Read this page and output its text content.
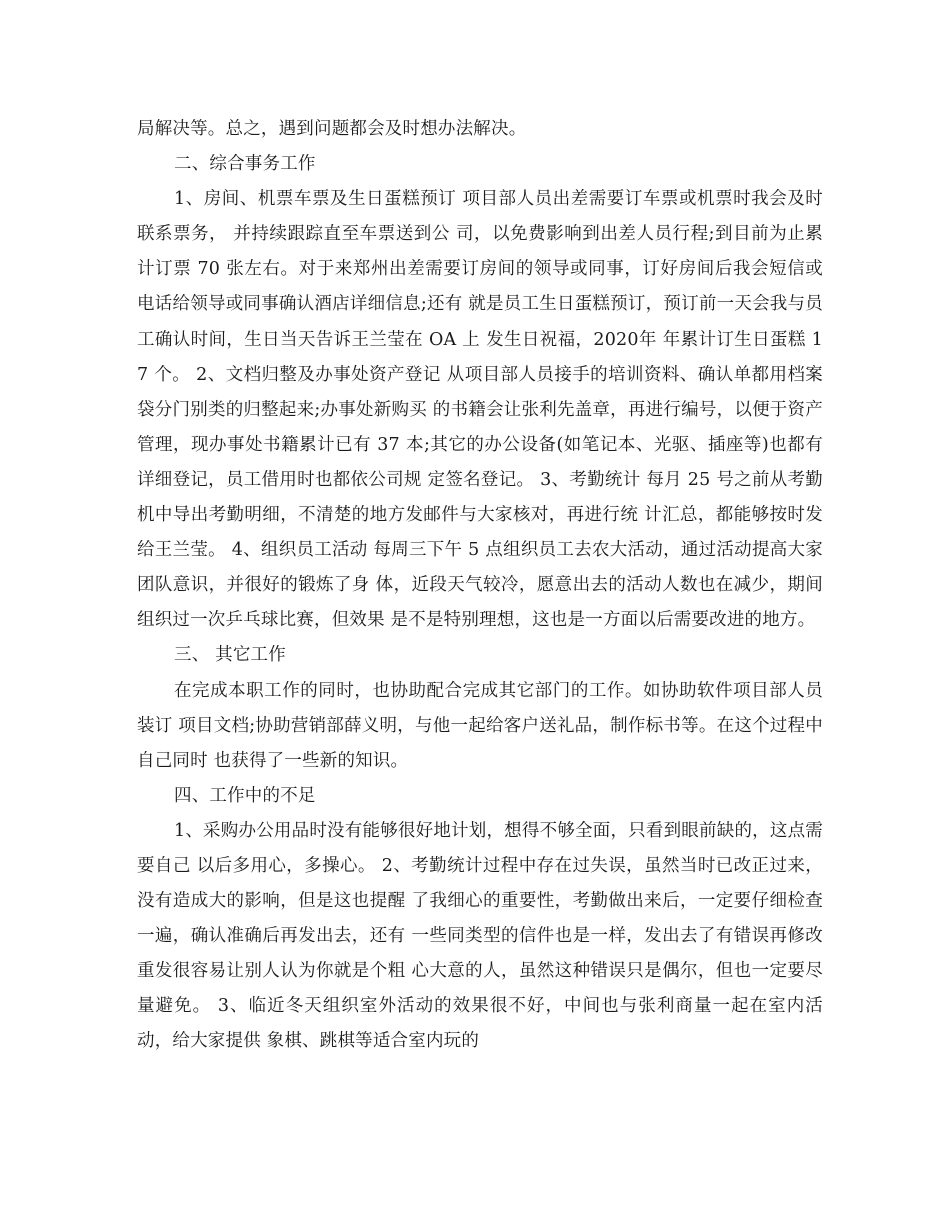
局解决等。总之，遇到问题都会及时想办法解决。

二、综合事务工作

1、房间、机票车票及生日蛋糕预订 项目部人员出差需要订车票或机票时我会及时联系票务， 并持续跟踪直至车票送到公 司，以免费影响到出差人员行程;到目前为止累计订票 70 张左右。对于来郑州出差需要订房间的领导或同事，订好房间后我会短信或电话给领导或同事确认酒店详细信息;还有 就是员工生日蛋糕预订，预订前一天会我与员工确认时间，生日当天告诉王兰莹在 OA 上 发生日祝福，2020年 年累计订生日蛋糕 17 个。 2、文档归整及办事处资产登记 从项目部人员接手的培训资料、确认单都用档案袋分门别类的归整起来;办事处新购买 的书籍会让张利先盖章，再进行编号，以便于资产管理，现办事处书籍累计已有 37 本;其它的办公设备(如笔记本、光驱、插座等)也都有详细登记，员工借用时也都依公司规 定签名登记。 3、考勤统计 每月 25 号之前从考勤机中导出考勤明细，不清楚的地方发邮件与大家核对，再进行统 计汇总，都能够按时发给王兰莹。 4、组织员工活动 每周三下午 5 点组织员工去农大活动，通过活动提高大家团队意识，并很好的锻炼了身 体，近段天气较冷，愿意出去的活动人数也在减少，期间组织过一次乒乓球比赛，但效果 是不是特别理想，这也是一方面以后需要改进的地方。

三、 其它工作

在完成本职工作的同时，也协助配合完成其它部门的工作。如协助软件项目部人员装订 项目文档;协助营销部薛义明，与他一起给客户送礼品，制作标书等。在这个过程中自己同时 也获得了一些新的知识。

四、工作中的不足

1、采购办公用品时没有能够很好地计划，想得不够全面，只看到眼前缺的，这点需要自己 以后多用心，多操心。 2、考勤统计过程中存在过失误，虽然当时已改正过来，没有造成大的影响，但是这也提醒 了我细心的重要性，考勤做出来后，一定要仔细检查一遍，确认准确后再发出去，还有 一些同类型的信件也是一样，发出去了有错误再修改重发很容易让别人认为你就是个粗 心大意的人，虽然这种错误只是偶尔，但也一定要尽量避免。 3、临近冬天组织室外活动的效果很不好，中间也与张利商量一起在室内活动，给大家提供 象棋、跳棋等适合室内玩的
